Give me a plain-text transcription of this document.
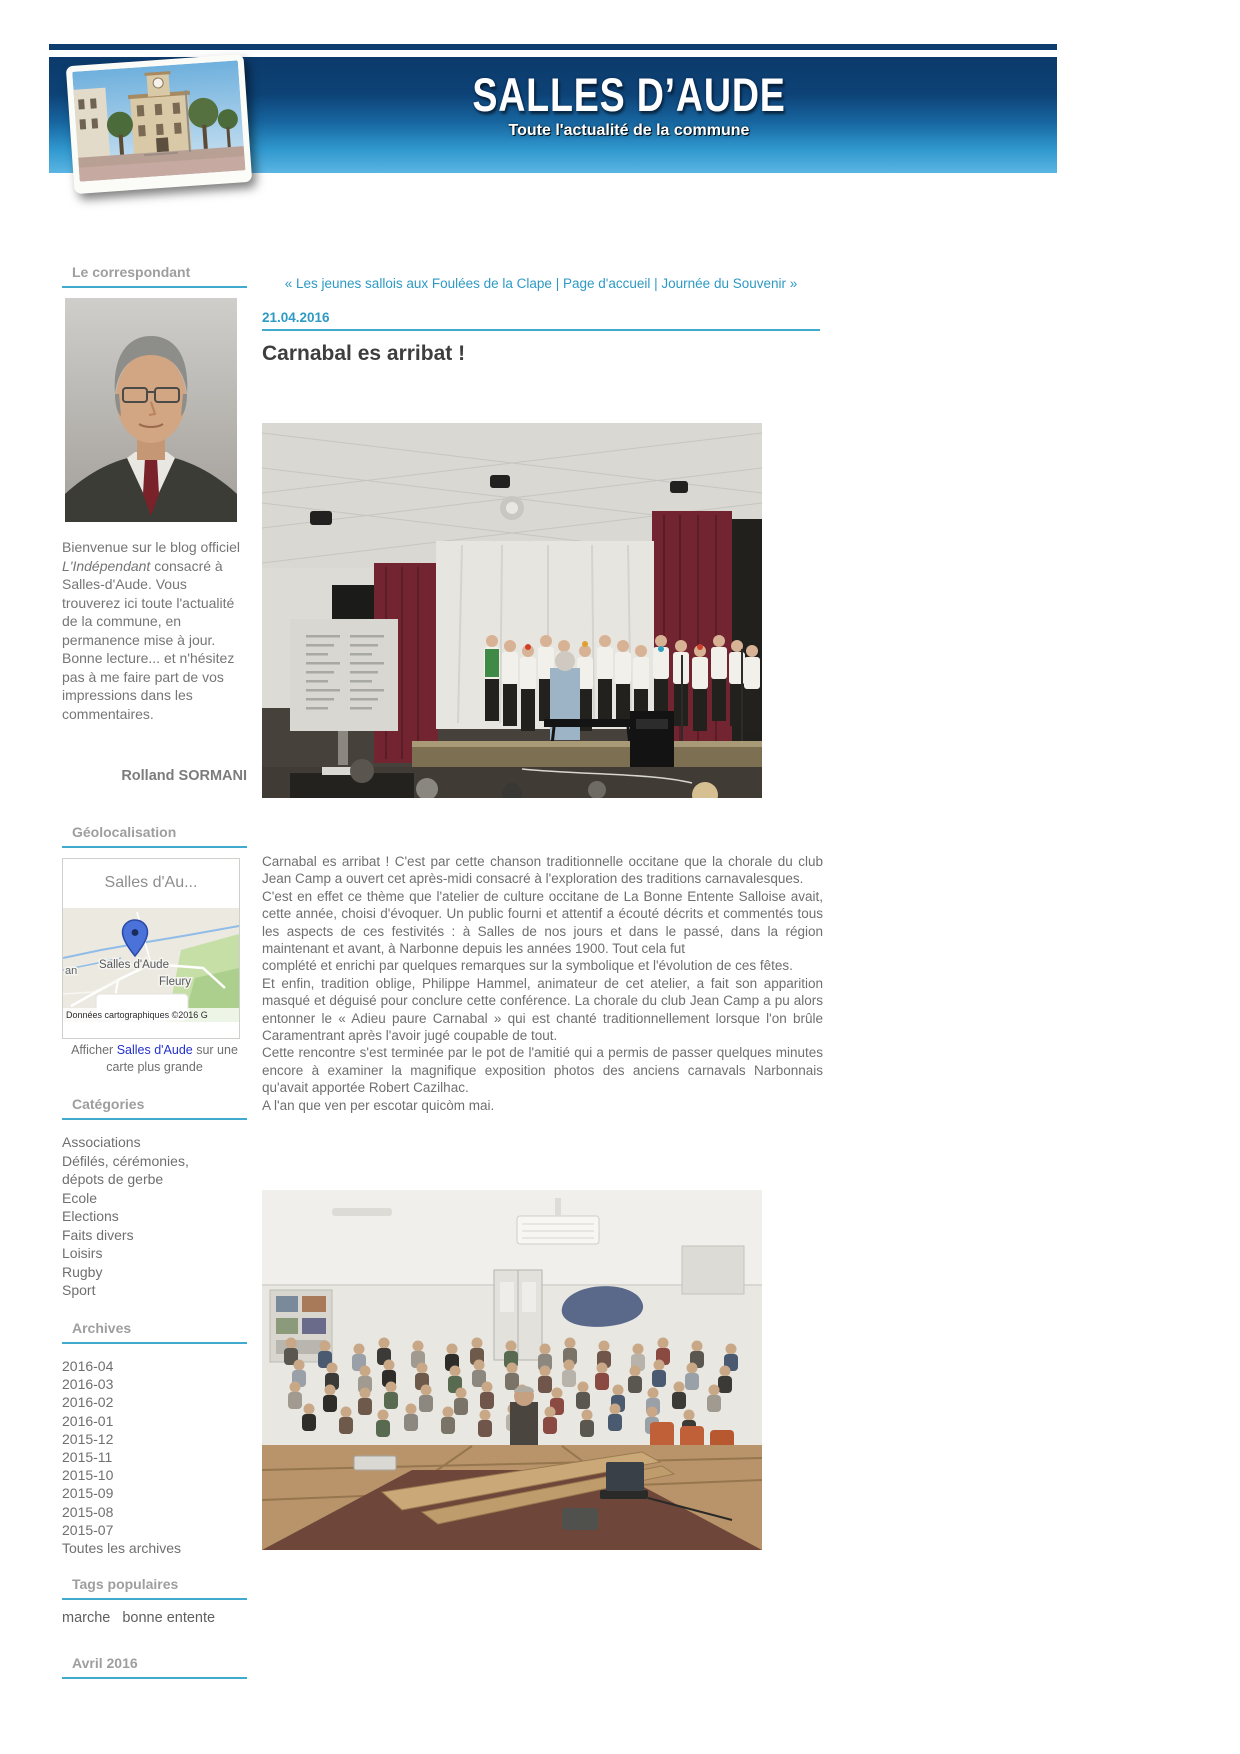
SALLES D’AUDE
Toute l'actualité de la commune
Le correspondant
Bienvenue sur le blog officiel L'Indépendant consacré à Salles-d'Aude. Vous trouverez ici toute l'actualité de la commune, en permanence mise à jour. Bonne lecture... et n'hésitez pas à me faire part de vos impressions dans les commentaires.
Rolland SORMANI
Géolocalisation
Salles d'Au...
an Salles d'Aude
Fleury
Données cartographiques ©2016 G
Afficher Salles d'Aude sur une carte plus grande
Catégories
Associations
Défilés, cérémonies, dépots de gerbe
Ecole
Elections
Faits divers
Loisirs
Rugby
Sport
Archives
2016-04
2016-03
2016-02
2016-01
2015-12
2015-11
2015-10
2015-09
2015-08
2015-07
Toutes les archives
Tags populaires
marche bonne entente
Avril 2016
« Les jeunes sallois aux Foulées de la Clape | Page d'accueil | Journée du Souvenir »
21.04.2016
Carnabal es arribat !
Carnabal es arribat ! C'est par cette chanson traditionnelle occitane que la chorale du club Jean Camp a ouvert cet après-midi consacré à l'exploration des traditions carnavalesques.
C'est en effet ce thème que l'atelier de culture occitane de La Bonne Entente Salloise avait, cette année, choisi d'évoquer. Un public fourni et attentif a écouté décrits et commentés tous les aspects de ces festivités : à Salles de nos jours et dans le passé, dans la région maintenant et avant, à Narbonne depuis les années 1900. Tout cela fut
complété et enrichi par quelques remarques sur la symbolique et l'évolution de ces fêtes.
Et enfin, tradition oblige, Philippe Hammel, animateur de cet atelier, a fait son apparition masqué et déguisé pour conclure cette conférence. La chorale du club Jean Camp a pu alors entonner le « Adieu paure Carnabal » qui est chanté traditionnellement lorsque l'on brûle Caramentrant après l'avoir jugé coupable de tout.
Cette rencontre s'est terminée par le pot de l'amitié qui a permis de passer quelques minutes encore à examiner la magnifique exposition photos des anciens carnavals Narbonnais qu'avait apportée Robert Cazilhac.
A l'an que ven per escotar quicòm mai.
